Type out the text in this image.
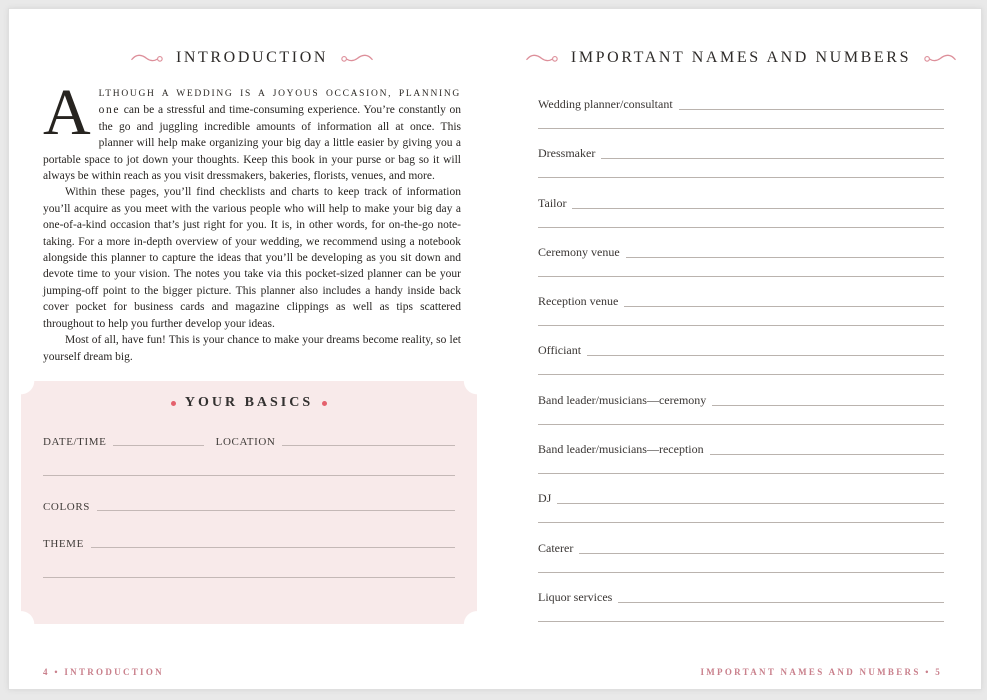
INTRODUCTION

A LTHOUGH A WEDDING IS A JOYOUS OCCASION, PLANNING one can be a stressful and time-consuming experience. You’re constantly on the go and juggling incredible amounts of information all at once. This planner will help make organizing your big day a little easier by giving you a portable space to jot down your thoughts. Keep this book in your purse or bag so it will always be within reach as you visit dressmakers, bakeries, florists, venues, and more.

Within these pages, you’ll find checklists and charts to keep track of information you’ll acquire as you meet with the various people who will help to make your big day a one-of-a-kind occasion that’s just right for you. It is, in other words, for on-the-go note-taking. For a more in-depth overview of your wedding, we recommend using a notebook alongside this planner to capture the ideas that you’ll be developing as you sit down and devote time to your vision. The notes you take via this pocket-sized planner can be your jumping-off point to the bigger picture. This planner also includes a handy inside back cover pocket for business cards and magazine clippings as well as tips scattered throughout to help you further develop your ideas.

Most of all, have fun! This is your chance to make your dreams become reality, so let yourself dream big.

YOUR BASICS
DATE/TIME	LOCATION
COLORS
THEME
4 • INTRODUCTION
IMPORTANT NAMES AND NUMBERS
Wedding planner/consultant
Dressmaker
Tailor
Ceremony venue
Reception venue
Officiant
Band leader/musicians—ceremony
Band leader/musicians—reception
DJ
Caterer
Liquor services
IMPORTANT NAMES AND NUMBERS • 5
